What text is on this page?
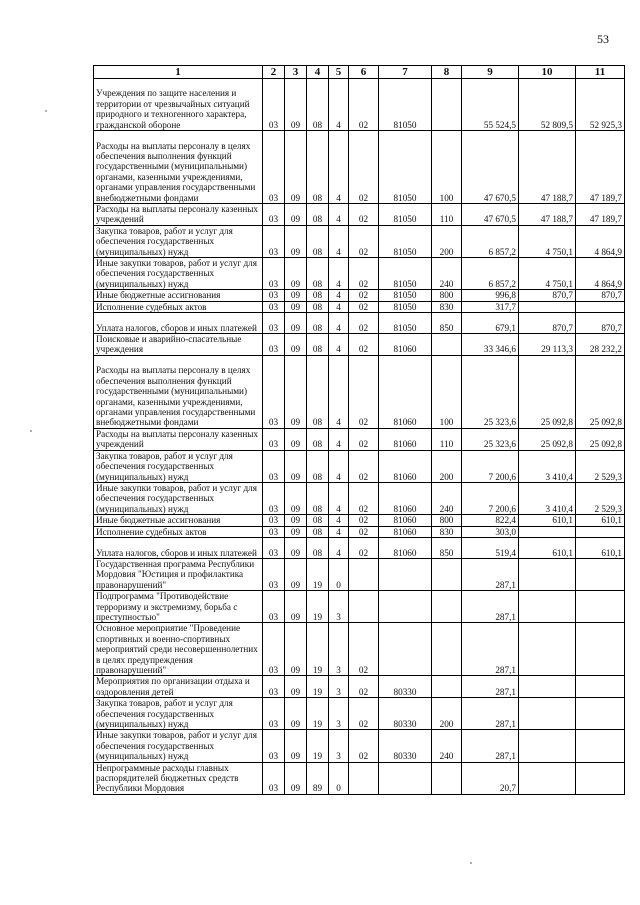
53
1	2	3	4	5	6	7	8	9	10	11
Учреждения по защите населения и территории от чрезвычайных ситуаций природного и техногенного характера, гражданской обороне	03	09	08	4	02	81050		55 524,5	52 809,5	52 925,3
Расходы на выплаты персоналу в целях обеспечения выполнения функций государственными (муниципальными) органами, казенными учреждениями, органами управления государственными внебюджетными фондами	03	09	08	4	02	81050	100	47 670,5	47 188,7	47 189,7
Расходы на выплаты персоналу казенных учреждений	03	09	08	4	02	81050	110	47 670,5	47 188,7	47 189,7
Закупка товаров, работ и услуг для обеспечения государственных (муниципальных) нужд	03	09	08	4	02	81050	200	6 857,2	4 750,1	4 864,9
Иные закупки товаров, работ и услуг для обеспечения государственных (муниципальных) нужд	03	09	08	4	02	81050	240	6 857,2	4 750,1	4 864,9
Иные бюджетные ассигнования	03	09	08	4	02	81050	800	996,8	870,7	870,7
Исполнение судебных актов	03	09	08	4	02	81050	830	317,7		
Уплата налогов, сборов и иных платежей	03	09	08	4	02	81050	850	679,1	870,7	870,7
Поисковые и аварийно-спасательные учреждения	03	09	08	4	02	81060		33 346,6	29 113,3	28 232,2
Расходы на выплаты персоналу в целях обеспечения выполнения функций государственными (муниципальными) органами, казенными учреждениями, органами управления государственными внебюджетными фондами	03	09	08	4	02	81060	100	25 323,6	25 092,8	25 092,8
Расходы на выплаты персоналу казенных учреждений	03	09	08	4	02	81060	110	25 323,6	25 092,8	25 092,8
Закупка товаров, работ и услуг для обеспечения государственных (муниципальных) нужд	03	09	08	4	02	81060	200	7 200,6	3 410,4	2 529,3
Иные закупки товаров, работ и услуг для обеспечения государственных (муниципальных) нужд	03	09	08	4	02	81060	240	7 200,6	3 410,4	2 529,3
Иные бюджетные ассигнования	03	09	08	4	02	81060	800	822,4	610,1	610,1
Исполнение судебных актов	03	09	08	4	02	81060	830	303,0		
Уплата налогов, сборов и иных платежей	03	09	08	4	02	81060	850	519,4	610,1	610,1
Государственная программа Республики Мордовия "Юстиция и профилактика правонарушений"	03	09	19	0				287,1		
Подпрограмма "Противодействие терроризму и экстремизму, борьба с преступностью"	03	09	19	3				287,1		
Основное мероприятие "Проведение спортивных и военно-спортивных мероприятий среди несовершеннолетних в целях предупреждения правонарушений"	03	09	19	3	02			287,1		
Мероприятия по организации отдыха и оздоровления детей	03	09	19	3	02	80330		287,1		
Закупка товаров, работ и услуг для обеспечения государственных (муниципальных) нужд	03	09	19	3	02	80330	200	287,1		
Иные закупки товаров, работ и услуг для обеспечения государственных (муниципальных) нужд	03	09	19	3	02	80330	240	287,1		
Непрограммные расходы главных распорядителей бюджетных средств Республики Мордовия	03	09	89	0				20,7		
